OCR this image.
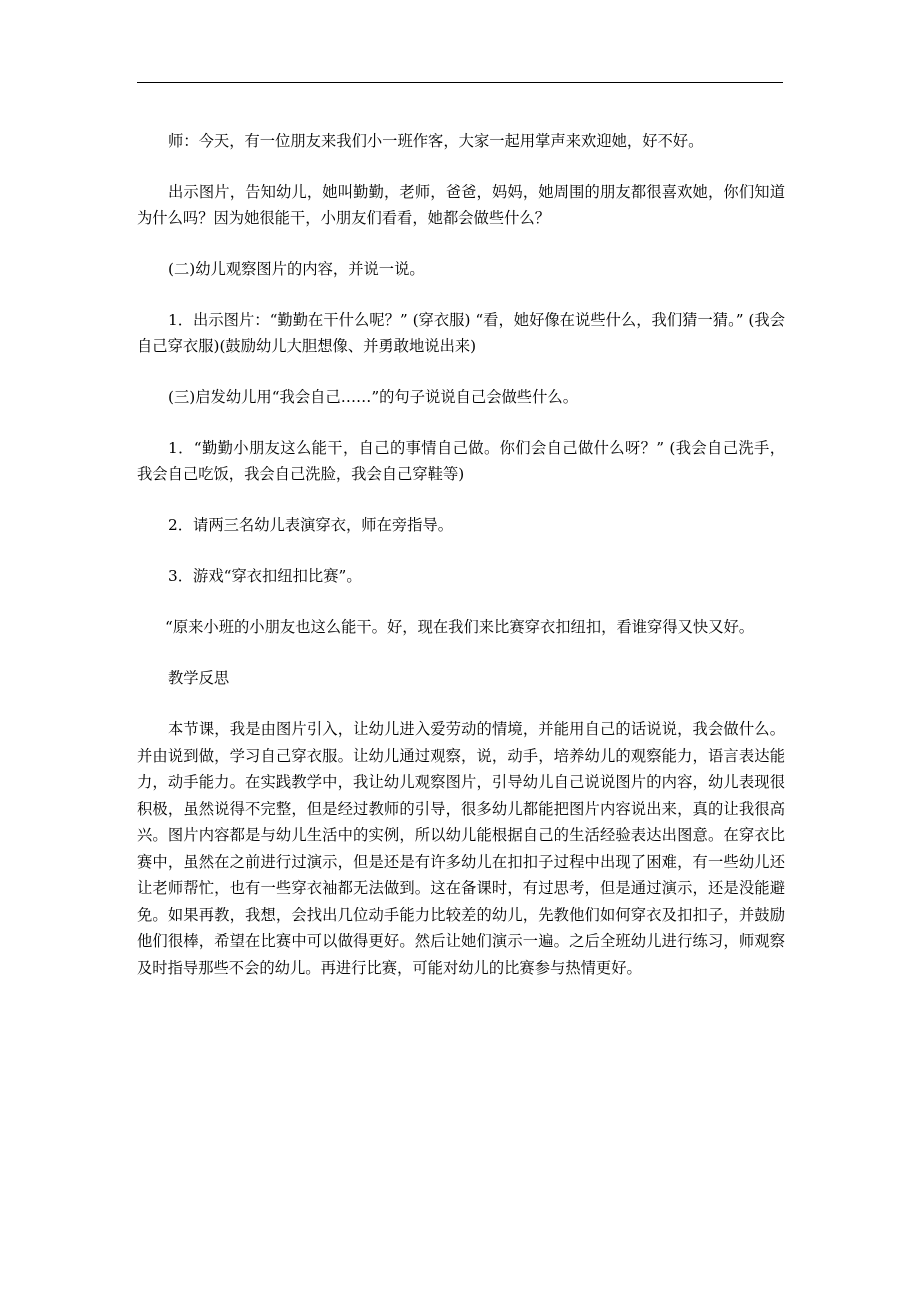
师：今天，有一位朋友来我们小一班作客，大家一起用掌声来欢迎她，好不好。

出示图片，告知幼儿，她叫勤勤，老师，爸爸，妈妈，她周围的朋友都很喜欢她，你们知道为什么吗？因为她很能干，小朋友们看看，她都会做些什么？

(二)幼儿观察图片的内容，并说一说。

1．出示图片：“勤勤在干什么呢？” (穿衣服) “看，她好像在说些什么，我们猜一猜。” (我会自己穿衣服)(鼓励幼儿大胆想像、并勇敢地说出来)

(三)启发幼儿用“我会自己……”的句子说说自己会做些什么。

1．“勤勤小朋友这么能干，自己的事情自己做。你们会自己做什么呀？” (我会自己洗手，我会自己吃饭，我会自己洗脸，我会自己穿鞋等)

2．请两三名幼儿表演穿衣，师在旁指导。

3．游戏“穿衣扣纽扣比赛”。

“原来小班的小朋友也这么能干。好，现在我们来比赛穿衣扣纽扣，看谁穿得又快又好。

教学反思

本节课，我是由图片引入，让幼儿进入爱劳动的情境，并能用自己的话说说，我会做什么。并由说到做，学习自己穿衣服。让幼儿通过观察，说，动手，培养幼儿的观察能力，语言表达能力，动手能力。在实践教学中，我让幼儿观察图片，引导幼儿自己说说图片的内容，幼儿表现很积极，虽然说得不完整，但是经过教师的引导，很多幼儿都能把图片内容说出来，真的让我很高兴。图片内容都是与幼儿生活中的实例，所以幼儿能根据自己的生活经验表达出图意。在穿衣比赛中，虽然在之前进行过演示，但是还是有许多幼儿在扣扣子过程中出现了困难，有一些幼儿还让老师帮忙，也有一些穿衣袖都无法做到。这在备课时，有过思考，但是通过演示，还是没能避免。如果再教，我想，会找出几位动手能力比较差的幼儿，先教他们如何穿衣及扣扣子，并鼓励他们很棒，希望在比赛中可以做得更好。然后让她们演示一遍。之后全班幼儿进行练习，师观察及时指导那些不会的幼儿。再进行比赛，可能对幼儿的比赛参与热情更好。
